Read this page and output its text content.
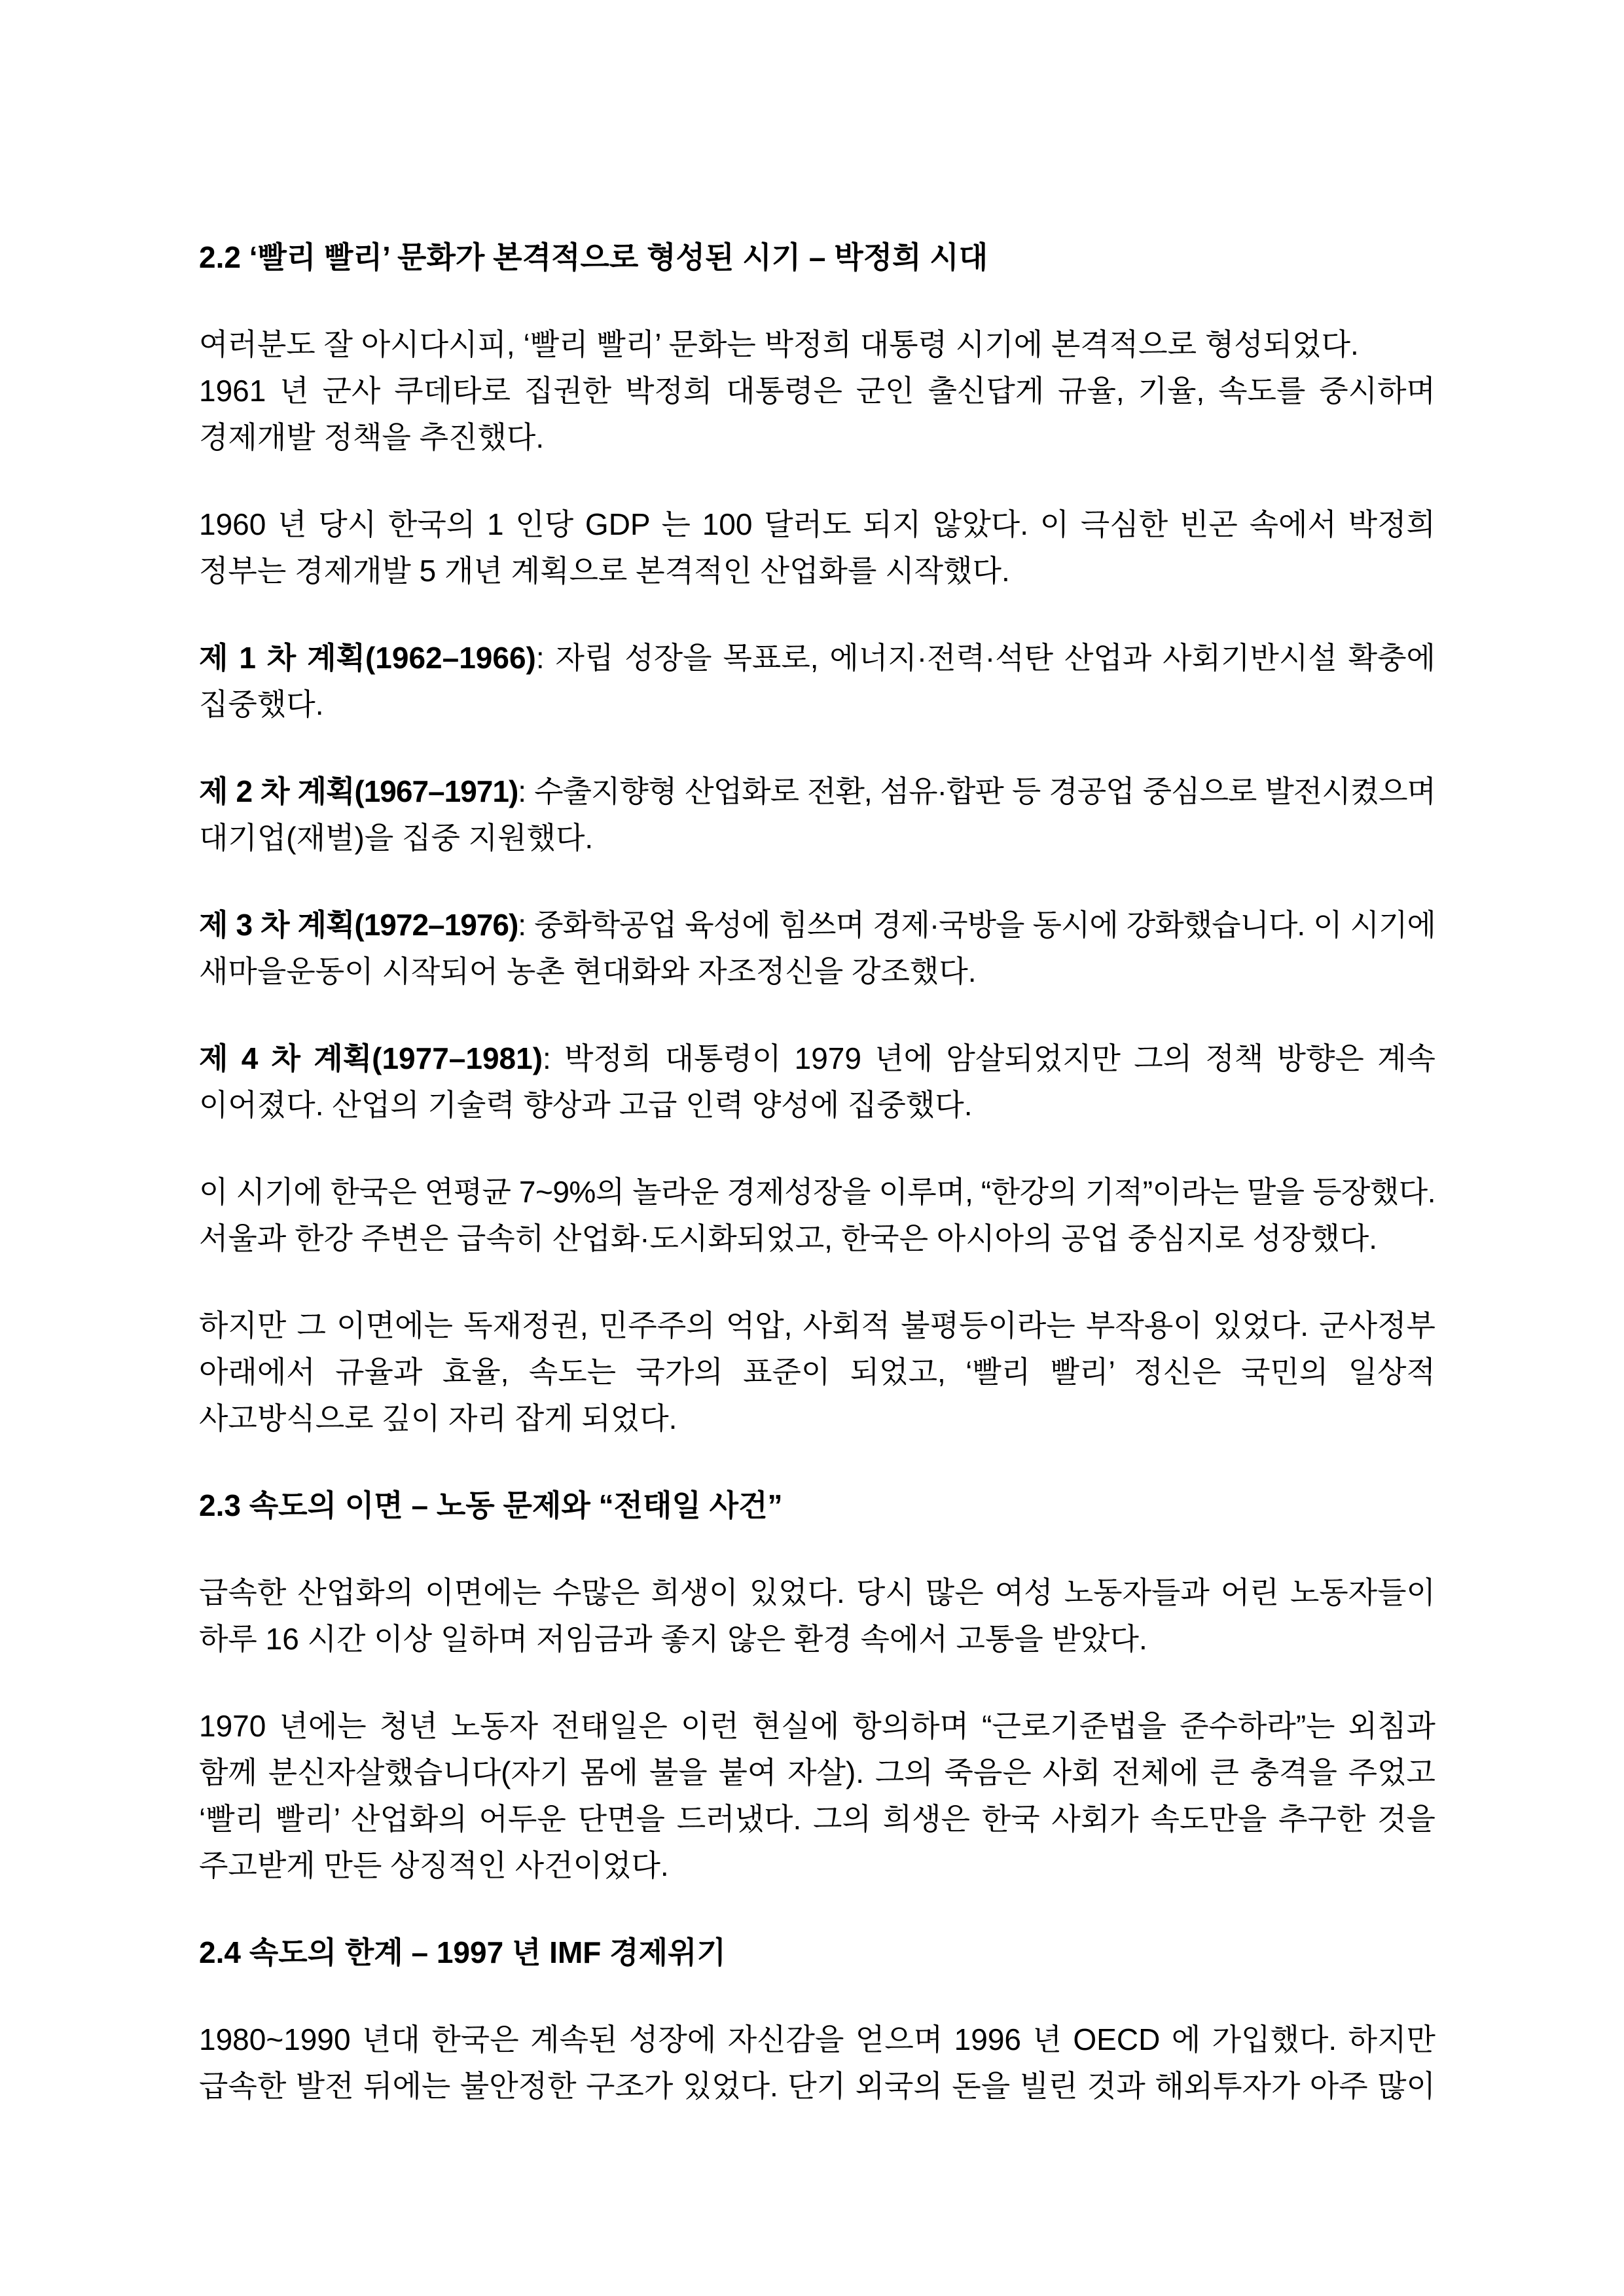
2.2 ‘빨리 빨리’ 문화가 본격적으로 형성된 시기 – 박정희 시대
여러분도 잘 아시다시피, ‘빨리 빨리’ 문화는 박정희 대통령 시기에 본격적으로 형성되었다.
1961 년 군사 쿠데타로 집권한 박정희 대통령은 군인 출신답게 규율, 기율, 속도를 중시하며
경제개발 정책을 추진했다.
1960 년 당시 한국의 1 인당 GDP 는 100 달러도 되지 않았다. 이 극심한 빈곤 속에서 박정희
정부는 경제개발 5 개년 계획으로 본격적인 산업화를 시작했다.
제 1 차 계획(1962–1966): 자립 성장을 목표로, 에너지·전력·석탄 산업과 사회기반시설 확충에
집중했다.
제 2 차 계획(1967–1971): 수출지향형 산업화로 전환, 섬유·합판 등 경공업 중심으로 발전시켰으며
대기업(재벌)을 집중 지원했다.
제 3 차 계획(1972–1976): 중화학공업 육성에 힘쓰며 경제·국방을 동시에 강화했습니다. 이 시기에
새마을운동이 시작되어 농촌 현대화와 자조정신을 강조했다.
제 4 차 계획(1977–1981): 박정희 대통령이 1979 년에 암살되었지만 그의 정책 방향은 계속
이어졌다. 산업의 기술력 향상과 고급 인력 양성에 집중했다.
이 시기에 한국은 연평균 7~9%의 놀라운 경제성장을 이루며, “한강의 기적”이라는 말을 등장했다.
서울과 한강 주변은 급속히 산업화·도시화되었고, 한국은 아시아의 공업 중심지로 성장했다.
하지만 그 이면에는 독재정권, 민주주의 억압, 사회적 불평등이라는 부작용이 있었다. 군사정부
아래에서 규율과 효율, 속도는 국가의 표준이 되었고, ‘빨리 빨리’ 정신은 국민의 일상적
사고방식으로 깊이 자리 잡게 되었다.
2.3 속도의 이면 – 노동 문제와 “전태일 사건”
급속한 산업화의 이면에는 수많은 희생이 있었다. 당시 많은 여성 노동자들과 어린 노동자들이
하루 16 시간 이상 일하며 저임금과 좋지 않은 환경 속에서 고통을 받았다.
1970 년에는 청년 노동자 전태일은 이런 현실에 항의하며 “근로기준법을 준수하라”는 외침과
함께 분신자살했습니다(자기 몸에 불을 붙여 자살). 그의 죽음은 사회 전체에 큰 충격을 주었고
‘빨리 빨리’ 산업화의 어두운 단면을 드러냈다. 그의 희생은 한국 사회가 속도만을 추구한 것을
주고받게 만든 상징적인 사건이었다.
2.4 속도의 한계 – 1997 년 IMF 경제위기
1980~1990 년대 한국은 계속된 성장에 자신감을 얻으며 1996 년 OECD 에 가입했다. 하지만
급속한 발전 뒤에는 불안정한 구조가 있었다. 단기 외국의 돈을 빌린 것과 해외투자가 아주 많이
